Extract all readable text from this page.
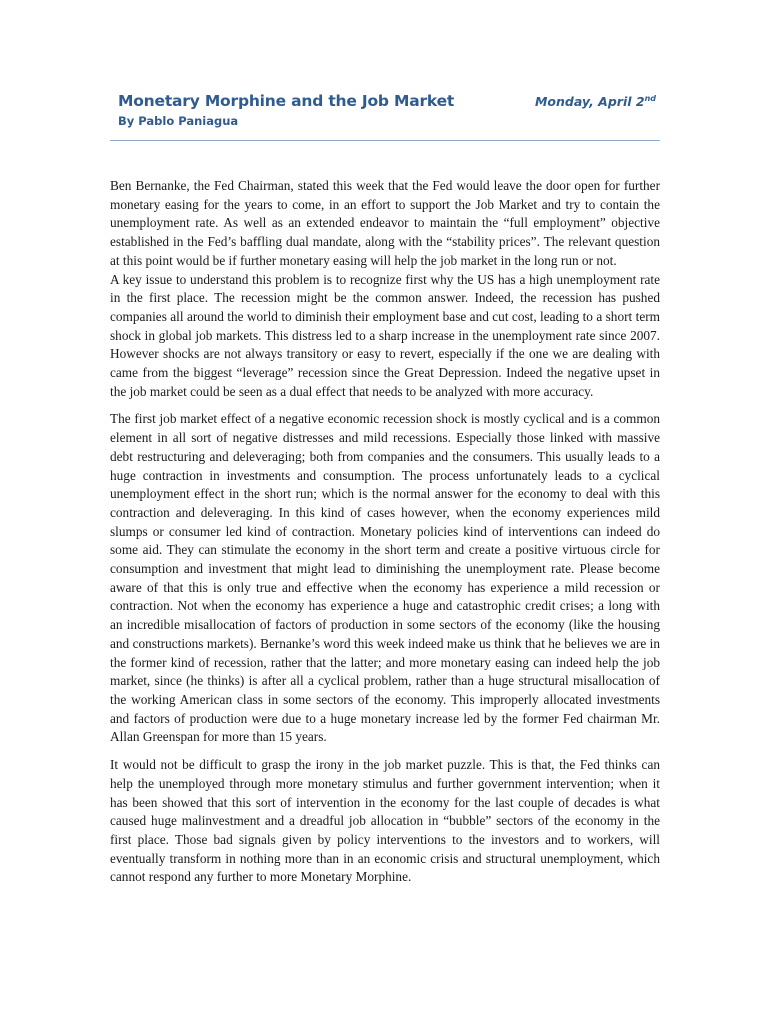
Monetary Morphine and the Job Market	Monday, April 2nd
By Pablo Paniagua

Ben Bernanke, the Fed Chairman, stated this week that the Fed would leave the door open for further monetary easing for the years to come, in an effort to support the Job Market and try to contain the unemployment rate. As well as an extended endeavor to maintain the “full employment” objective established in the Fed’s baffling dual mandate, along with the “stability prices”. The relevant question at this point would be if further monetary easing will help the job market in the long run or not.

A key issue to understand this problem is to recognize first why the US has a high unemployment rate in the first place. The recession might be the common answer. Indeed, the recession has pushed companies all around the world to diminish their employment base and cut cost, leading to a short term shock in global job markets. This distress led to a sharp increase in the unemployment rate since 2007. However shocks are not always transitory or easy to revert, especially if the one we are dealing with came from the biggest “leverage” recession since the Great Depression. Indeed the negative upset in the job market could be seen as a dual effect that needs to be analyzed with more accuracy.

The first job market effect of a negative economic recession shock is mostly cyclical and is a common element in all sort of negative distresses and mild recessions. Especially those linked with massive debt restructuring and deleveraging; both from companies and the consumers. This usually leads to a huge contraction in investments and consumption. The process unfortunately leads to a cyclical unemployment effect in the short run; which is the normal answer for the economy to deal with this contraction and deleveraging. In this kind of cases however, when the economy experiences mild slumps or consumer led kind of contraction. Monetary policies kind of interventions can indeed do some aid. They can stimulate the economy in the short term and create a positive virtuous circle for consumption and investment that might lead to diminishing the unemployment rate. Please become aware of that this is only true and effective when the economy has experience a mild recession or contraction. Not when the economy has experience a huge and catastrophic credit crises; a long with an incredible misallocation of factors of production in some sectors of the economy (like the housing and constructions markets). Bernanke’s word this week indeed make us think that he believes we are in the former kind of recession, rather that the latter; and more monetary easing can indeed help the job market, since (he thinks) is after all a cyclical problem, rather than a huge structural misallocation of the working American class in some sectors of the economy. This improperly allocated investments and factors of production were due to a huge monetary increase led by the former Fed chairman Mr. Allan Greenspan for more than 15 years.

It would not be difficult to grasp the irony in the job market puzzle. This is that, the Fed thinks can help the unemployed through more monetary stimulus and further government intervention; when it has been showed that this sort of intervention in the economy for the last couple of decades is what caused huge malinvestment and a dreadful job allocation in “bubble” sectors of the economy in the first place. Those bad signals given by policy interventions to the investors and to workers, will eventually transform in nothing more than in an economic crisis and structural unemployment, which cannot respond any further to more Monetary Morphine.
